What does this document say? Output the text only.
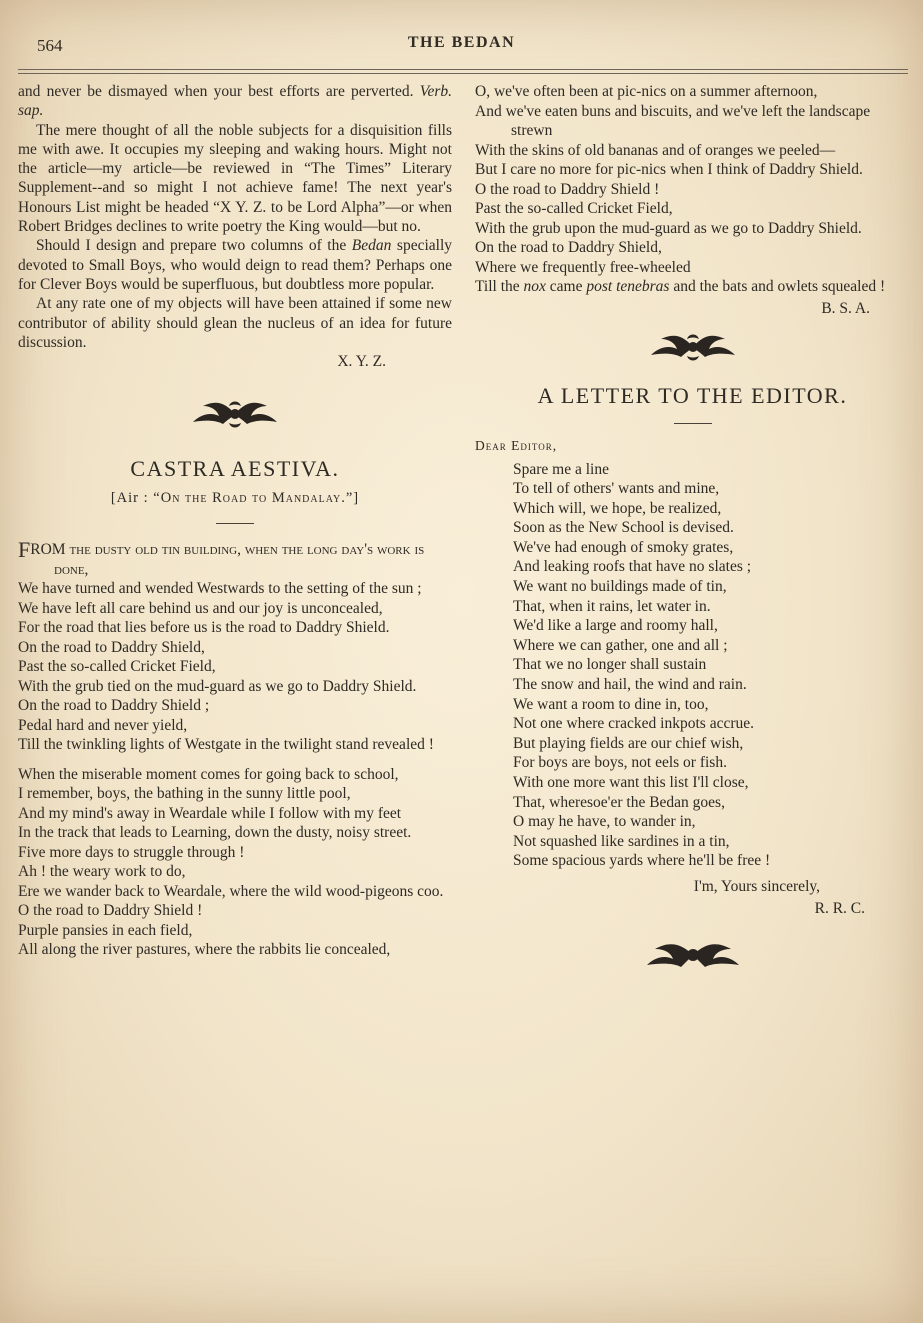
564	THE BEDAN

and never be dismayed when your best efforts are perverted. Verb. sap.

The mere thought of all the noble subjects for a disquisition fills me with awe. It occupies my sleeping and waking hours. Might not the article—my article—be reviewed in “The Times” Literary Supplement--and so might I not achieve fame! The next year's Honours List might be headed “X Y. Z. to be Lord Alpha”—or when Robert Bridges declines to write poetry the King would—but no.

Should I design and prepare two columns of the Bedan specially devoted to Small Boys, who would deign to read them? Perhaps one for Clever Boys would be superfluous, but doubtless more popular.

At any rate one of my objects will have been attained if some new contributor of ability should glean the nucleus of an idea for future discussion.

X. Y. Z.

CASTRA AESTIVA.

[Air : “On the Road to Mandalay.”]

FROM the dusty old tin building, when the long day's work is done,

We have turned and wended Westwards to the setting of the sun ;

We have left all care behind us and our joy is unconcealed,

For the road that lies before us is the road to Daddry Shield.

On the road to Daddry Shield,

Past the so-called Cricket Field,

With the grub tied on the mud-guard as we go to Daddry Shield.

On the road to Daddry Shield ;

Pedal hard and never yield,

Till the twinkling lights of Westgate in the twilight stand revealed !

When the miserable moment comes for going back to school,

I remember, boys, the bathing in the sunny little pool,

And my mind's away in Weardale while I follow with my feet

In the track that leads to Learning, down the dusty, noisy street.

Five more days to struggle through !

Ah ! the weary work to do,

Ere we wander back to Weardale, where the wild wood-pigeons coo.

O the road to Daddry Shield !

Purple pansies in each field,

All along the river pastures, where the rabbits lie concealed,

O, we've often been at pic-nics on a summer afternoon,

And we've eaten buns and biscuits, and we've left the landscape strewn

With the skins of old bananas and of oranges we peeled—

But I care no more for pic-nics when I think of Daddry Shield.

O the road to Daddry Shield !

Past the so-called Cricket Field,

With the grub upon the mud-guard as we go to Daddry Shield.

On the road to Daddry Shield,

Where we frequently free-wheeled

Till the nox came post tenebras and the bats and owlets squealed !

B. S. A.

A LETTER TO THE EDITOR.

Dear Editor,

Spare me a line

To tell of others' wants and mine,

Which will, we hope, be realized,

Soon as the New School is devised.

We've had enough of smoky grates,

And leaking roofs that have no slates ;

We want no buildings made of tin,

That, when it rains, let water in.

We'd like a large and roomy hall,

Where we can gather, one and all ;

That we no longer shall sustain

The snow and hail, the wind and rain.

We want a room to dine in, too,

Not one where cracked inkpots accrue.

But playing fields are our chief wish,

For boys are boys, not eels or fish.

With one more want this list I'll close,

That, wheresoe'er the Bedan goes,

O may he have, to wander in,

Not squashed like sardines in a tin,

Some spacious yards where he'll be free !

I'm, Yours sincerely,

R. R. C.
